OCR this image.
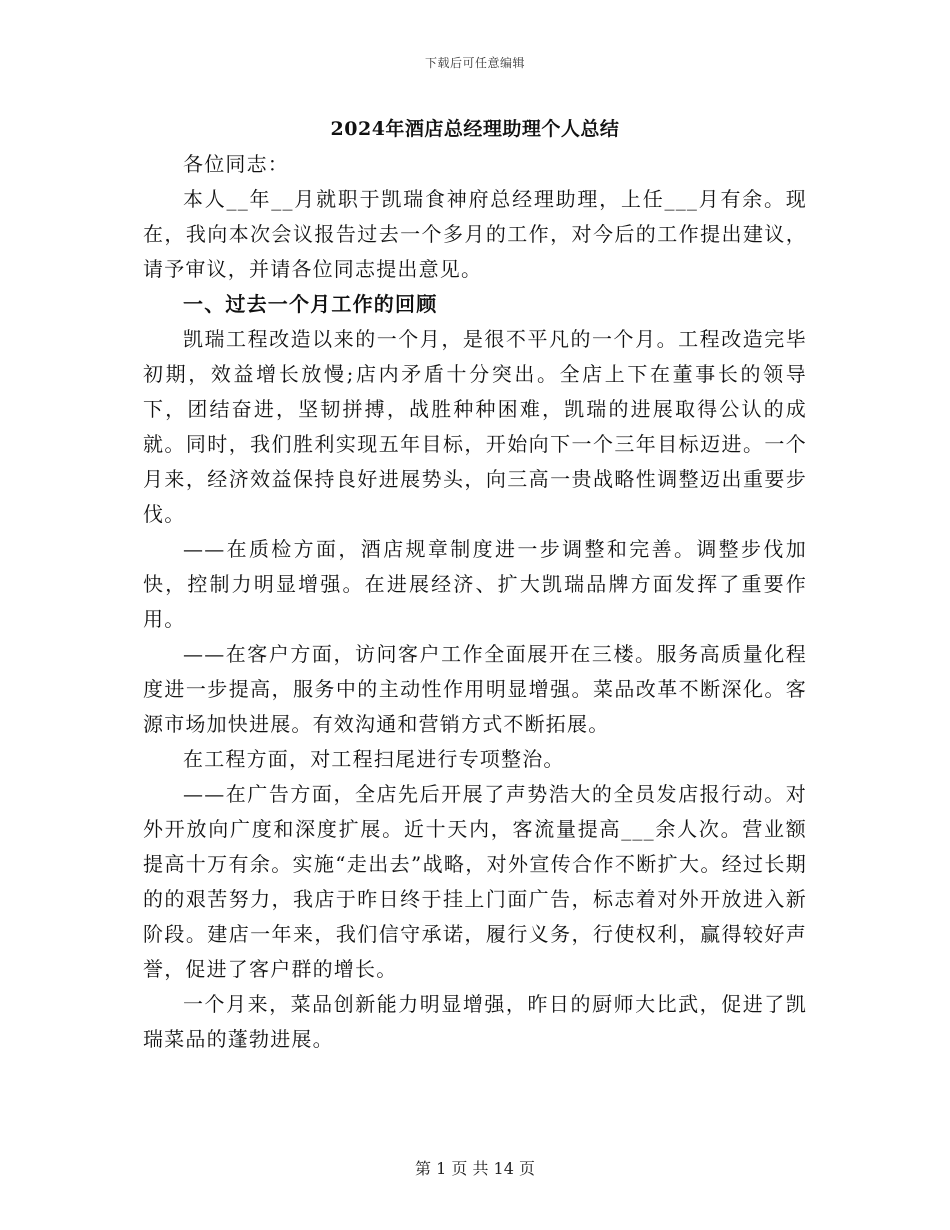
下载后可任意编辑
2024年酒店总经理助理个人总结

各位同志：

本人__年__月就职于凯瑞食神府总经理助理，上任___月有余。现在，我向本次会议报告过去一个多月的工作，对今后的工作提出建议，请予审议，并请各位同志提出意见。

一、过去一个月工作的回顾

凯瑞工程改造以来的一个月，是很不平凡的一个月。工程改造完毕初期，效益增长放慢;店内矛盾十分突出。全店上下在董事长的领导下，团结奋进，坚韧拼搏，战胜种种困难，凯瑞的进展取得公认的成就。同时，我们胜利实现五年目标，开始向下一个三年目标迈进。一个月来，经济效益保持良好进展势头，向三高一贵战略性调整迈出重要步伐。

——在质检方面，酒店规章制度进一步调整和完善。调整步伐加快，控制力明显增强。在进展经济、扩大凯瑞品牌方面发挥了重要作用。

——在客户方面，访问客户工作全面展开在三楼。服务高质量化程度进一步提高，服务中的主动性作用明显增强。菜品改革不断深化。客源市场加快进展。有效沟通和营销方式不断拓展。

在工程方面，对工程扫尾进行专项整治。

——在广告方面，全店先后开展了声势浩大的全员发店报行动。对外开放向广度和深度扩展。近十天内，客流量提高___余人次。营业额提高十万有余。实施“走出去”战略，对外宣传合作不断扩大。经过长期的的艰苦努力，我店于昨日终于挂上门面广告，标志着对外开放进入新阶段。建店一年来，我们信守承诺，履行义务，行使权利，赢得较好声誉，促进了客户群的增长。

一个月来，菜品创新能力明显增强，昨日的厨师大比武，促进了凯瑞菜品的蓬勃进展。

第 1 页 共 14 页
